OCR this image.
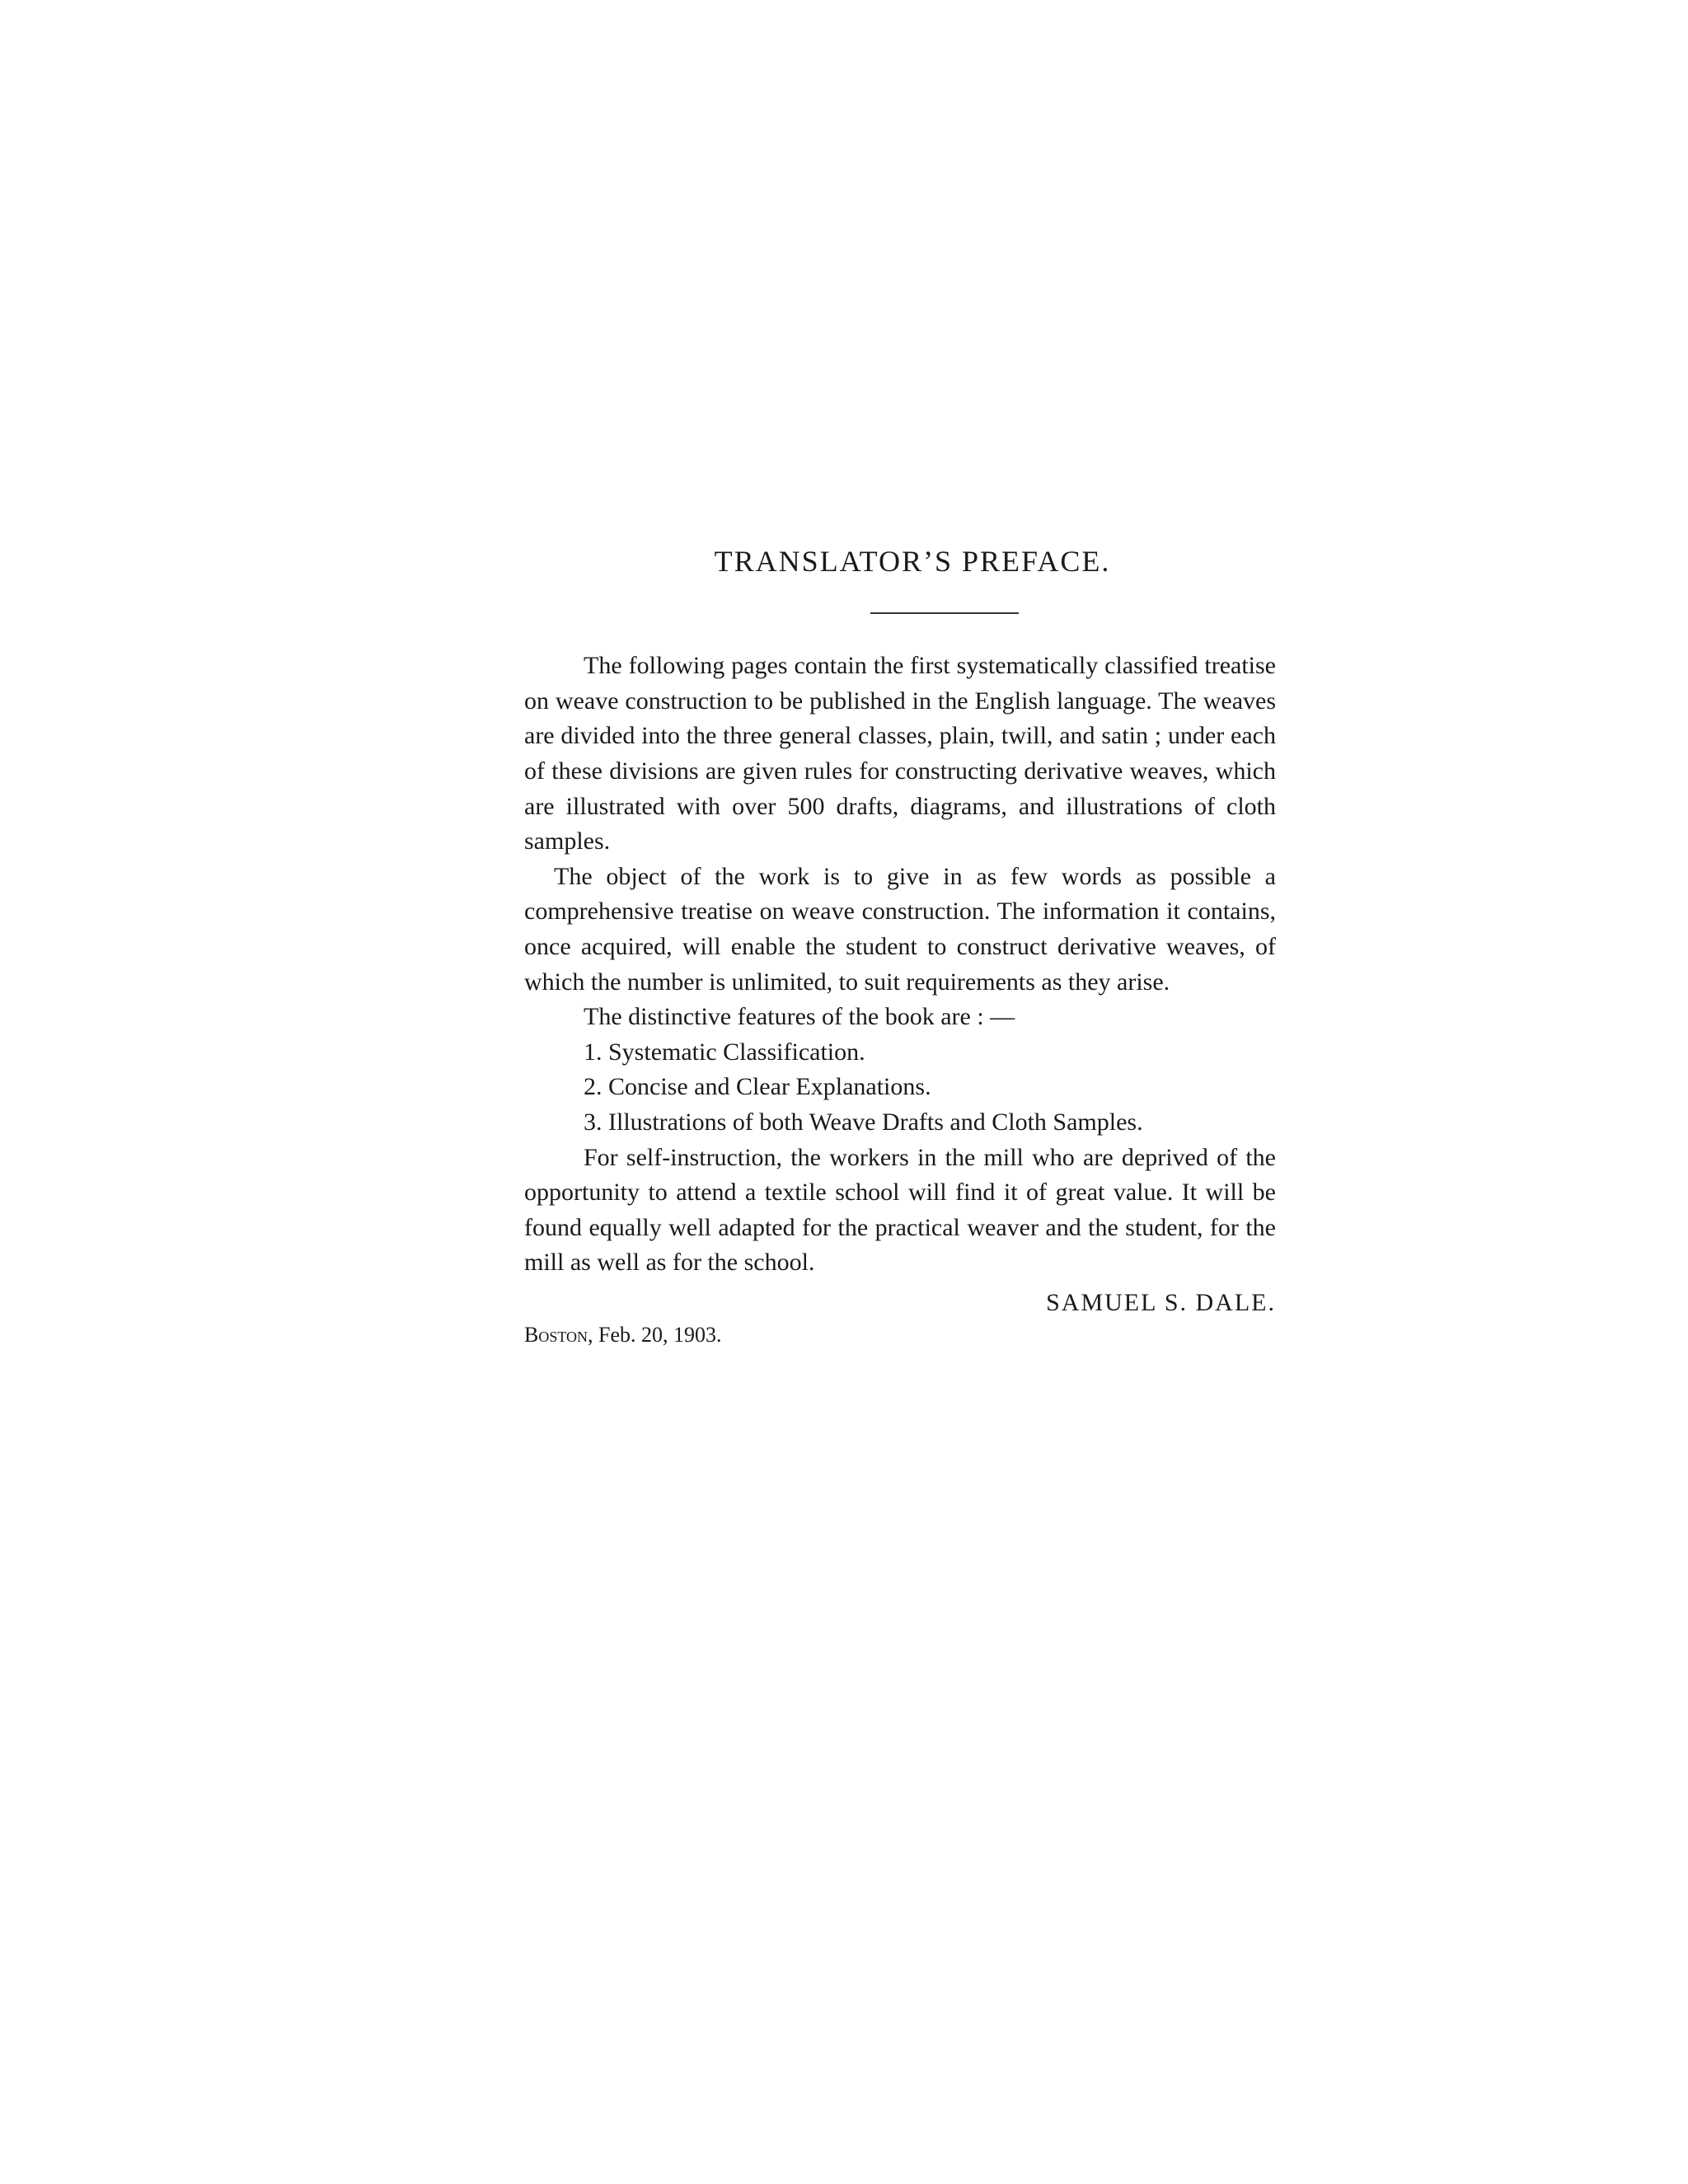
TRANSLATOR’S PREFACE.

The following pages contain the first systematically classified treatise on weave construction to be published in the English language. The weaves are divided into the three general classes, plain, twill, and satin ; under each of these divisions are given rules for constructing derivative weaves, which are illustrated with over 500 drafts, diagrams, and illustrations of cloth samples.

The object of the work is to give in as few words as possible a comprehensive treatise on weave construction. The information it contains, once acquired, will enable the student to construct derivative weaves, of which the number is unlimited, to suit requirements as they arise.

The distinctive features of the book are : —

1. Systematic Classification.

2. Concise and Clear Explanations.

3. Illustrations of both Weave Drafts and Cloth Samples.

For self-instruction, the workers in the mill who are deprived of the opportunity to attend a textile school will find it of great value. It will be found equally well adapted for the practical weaver and the student, for the mill as well as for the school.

SAMUEL S. DALE.
Boston, Feb. 20, 1903.
